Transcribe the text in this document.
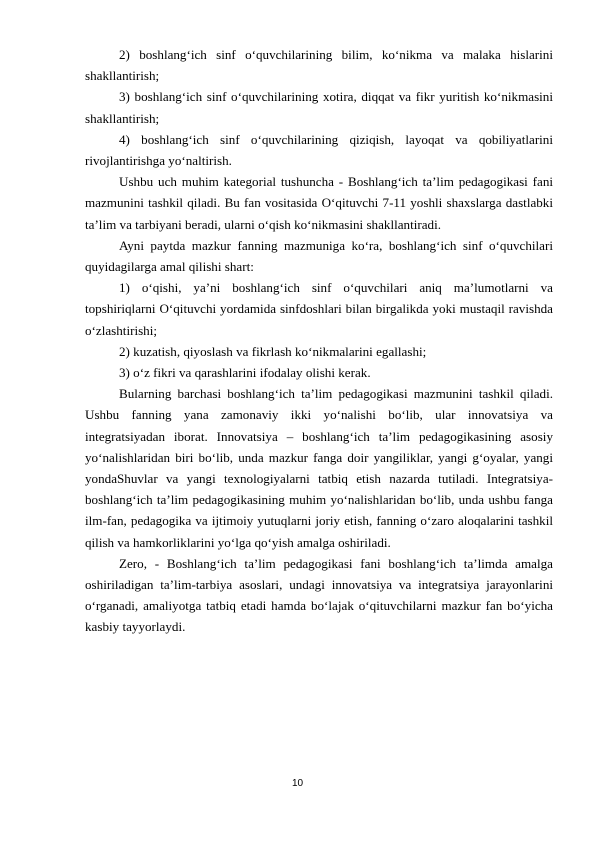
2) boshlang‘ich sinf o‘quvchilarining bilim, ko‘nikma va malaka hislarini shakllantirish;

3) boshlang‘ich sinf o‘quvchilarining xotira, diqqat va fikr yuritish ko‘nikmasini shakllantirish;

4) boshlang‘ich sinf o‘quvchilarining qiziqish, layoqat va qobiliyatlarini rivojlantirishga yo‘naltirish.

Ushbu uch muhim kategorial tushuncha - Boshlang‘ich ta’lim pedagogikasi fani mazmunini tashkil qiladi. Bu fan vositasida O‘qituvchi 7-11 yoshli shaxslarga dastlabki ta’lim va tarbiyani beradi, ularni o‘qish ko‘nikmasini shakllantiradi.

Ayni paytda mazkur fanning mazmuniga ko‘ra, boshlang‘ich sinf o‘quvchilari quyidagilarga amal qilishi shart:

1) o‘qishi, ya’ni boshlang‘ich sinf o‘quvchilari aniq ma’lumotlarni va topshiriqlarni O‘qituvchi yordamida sinfdoshlari bilan birgalikda yoki mustaqil ravishda o‘zlashtirishi;

2) kuzatish, qiyoslash va fikrlash ko‘nikmalarini egallashi;

3) o‘z fikri va qarashlarini ifodalay olishi kerak.

Bularning barchasi boshlang‘ich ta’lim pedagogikasi mazmunini tashkil qiladi. Ushbu fanning yana zamonaviy ikki yo‘nalishi bo‘lib, ular innovatsiya va integratsiyadan iborat. Innovatsiya – boshlang‘ich ta’lim pedagogikasining asosiy yo‘nalishlaridan biri bo‘lib, unda mazkur fanga doir yangiliklar, yangi g‘oyalar, yangi yondaShuvlar va yangi texnologiyalarni tatbiq etish nazarda tutiladi. Integratsiya- boshlang‘ich ta’lim pedagogikasining muhim yo‘nalishlaridan bo‘lib, unda ushbu fanga ilm-fan, pedagogika va ijtimoiy yutuqlarni joriy etish, fanning o‘zaro aloqalarini tashkil qilish va hamkorliklarini yo‘lga qo‘yish amalga oshiriladi.

Zero, - Boshlang‘ich ta’lim pedagogikasi fani boshlang‘ich ta’limda amalga oshiriladigan ta’lim-tarbiya asoslari, undagi innovatsiya va integratsiya jarayonlarini o‘rganadi, amaliyotga tatbiq etadi hamda bo‘lajak o‘qituvchilarni mazkur fan bo‘yicha kasbiy tayyorlaydi.

10
